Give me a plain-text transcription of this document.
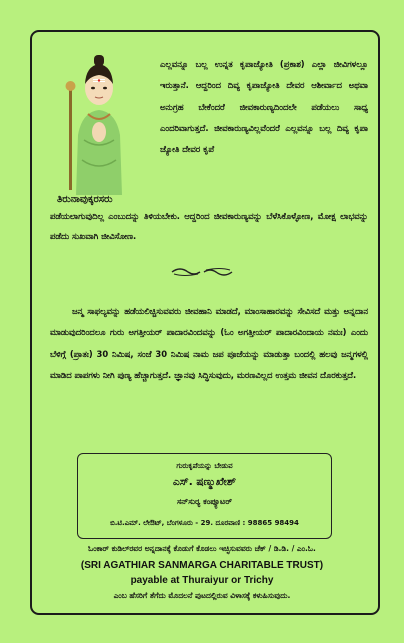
ತಿರುನಾವುಕ್ಕರಸರು

ಎಲ್ಲವನ್ನೂ ಬಲ್ಲ ಉನ್ನತ ಕೃಪಾಜ್ಯೋತಿ (ಪ್ರಕಾಶ) ಎಲ್ಲಾ ಜೀವಿಗಳಲ್ಲೂ ಇರುತ್ತಾನೆ. ಆದ್ದರಿಂದ ದಿವ್ಯ ಕೃಪಾಜ್ಯೋತಿ ದೇವರ ಆಶೀರ್ವಾದ ಅಥವಾ ಅನುಗ್ರಹ ಬೇಕೆಂದರೆ ಜೀವಕಾರುಣ್ಯದಿಂದಲೇ ಪಡೆಯಲು ಸಾಧ್ಯ ಎಂದರಿವಾಗುತ್ತದೆ. ಜೀವಕಾರುಣ್ಯವಿಲ್ಲವೆಂದರೆ ಎಲ್ಲವನ್ನೂ ಬಲ್ಲ ದಿವ್ಯ ಕೃಪಾ ಜ್ಯೋತಿ ದೇವರ ಕೃಪೆ

ಪಡೆಯಲಾಗುವುದಿಲ್ಲ ಎಂಬುದನ್ನು ತಿಳಿಯಬೇಕು. ಆದ್ದರಿಂದ ಜೀವಕಾರುಣ್ಯವನ್ನು ಬೆಳೆಸಿಕೊಳ್ಳೋಣ, ಮೋಕ್ಷ ಲಾಭವನ್ನು ಪಡೆದು ಸುಖವಾಗಿ ಜೀವಿಸೋಣ.

ಜನ್ಮ ಸಾಫಲ್ಯವನ್ನು ಹಡೆಯಲಿಚ್ಚಿಸುವವರು ಜೀವಹಾನಿ ಮಾಡದೆ, ಮಾಂಸಾಹಾರವನ್ನು ಸೇವಿಸದೆ ಮತ್ತು ಅನ್ನದಾನ ಮಾಡುವುದರಿಂದಲೂ ಗುರು ಅಗತ್ತೀಯರ್ ಪಾದಾರವಿಂದವನ್ನು (ಓಂ ಅಗತ್ತೀಯರ್ ಪಾದಾರವಿಂದಾಯ ನಮಃ) ಎಂದು ಬೆಳಿಗ್ಗೆ (ಪ್ರಾತಃ) 30 ನಿಮಿಷ, ಸಂಜೆ 30 ನಿಮಿಷ ನಾಮ ಜಪ ಪೂಜೆಯನ್ನು ಮಾಡುತ್ತಾ ಬಂದಲ್ಲಿ ಹಲವು ಜನ್ಮಗಳಲ್ಲಿ ಮಾಡಿದ ಪಾಪಗಳು ನೀಗಿ ಪುಣ್ಯ ಹೆಚ್ಚಾಗುತ್ತದೆ. ಜ್ಞಾನವು ಸಿದ್ಧಿಸುವುದು, ಮರಣವಿಲ್ಲದ ಉತ್ತಮ ಜೀವನ ದೊರಕುತ್ತದೆ.

ಗುರುಕೃಪೆಯನ್ನು ಬೇಡುವ
ಎಸ್. ಷಣ್ಮುಖೇಶ್
ಸನ್‌ಸುರ್‍ಯ ಕಂಪ್ಯೂಟರ್
ಬಿ.ಟಿ.ಎಮ್. ಲೇಔಟ್, ಬೆಂಗಳೂರು - 29. ದೂರವಾಣಿ : 98865 98494
ಓಂಕಾರ್ ಕುಡಿಲ್‌ರವರ ಅನ್ನದಾನಕ್ಕೆ ಕೊಡುಗೆ ಕೊಡಲು ಇಚ್ಛಿಸುವವರು ಚೆಕ್ / ಡಿ.ಡಿ. / ಎಂ.ಓ.
(SRI AGATHIAR SANMARGA CHARITABLE TRUST)
payable at Thuraiyur or Trichy
ಎಂಬ ಹೆಸರಿಗೆ ತೆಗೆದು ಮೊದಲನೆ ಪುಟದಲ್ಲಿರುವ ವಿಳಾಸಕ್ಕೆ ಕಳುಹಿಸುವುದು.
